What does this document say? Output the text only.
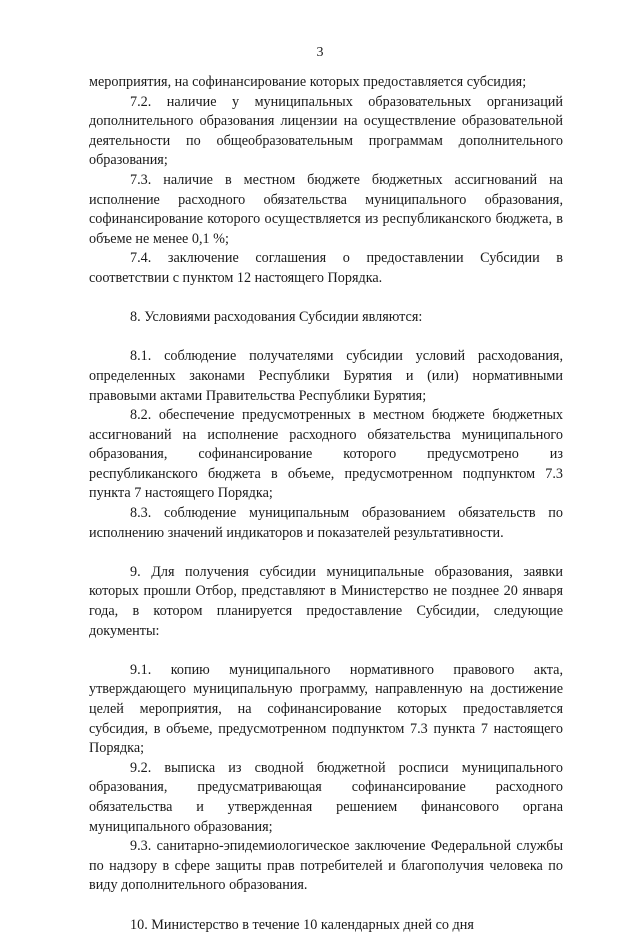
3

мероприятия, на софинансирование которых предоставляется субсидия;

7.2. наличие у муниципальных образовательных организаций дополнительного образования лицензии на осуществление образовательной деятельности по общеобразовательным программам дополнительного образования;

7.3. наличие в местном бюджете бюджетных ассигнований на исполнение расходного обязательства муниципального образования, софинансирование которого осуществляется из республиканского бюджета, в объеме не менее 0,1 %;

7.4. заключение соглашения о предоставлении Субсидии в соответствии с пунктом 12 настоящего Порядка.

8. Условиями расходования Субсидии являются:

8.1. соблюдение получателями субсидии условий расходования, определенных законами Республики Бурятия и (или) нормативными правовыми актами Правительства Республики Бурятия;

8.2. обеспечение предусмотренных в местном бюджете бюджетных ассигнований на исполнение расходного обязательства муниципального образования, софинансирование которого предусмотрено из республиканского бюджета в объеме, предусмотренном подпунктом 7.3 пункта 7 настоящего Порядка;

8.3. соблюдение муниципальным образованием обязательств по исполнению значений индикаторов и показателей результативности.

9. Для получения субсидии муниципальные образования, заявки которых прошли Отбор, представляют в Министерство не позднее 20 января года, в котором планируется предоставление Субсидии, следующие документы:

9.1. копию муниципального нормативного правового акта, утверждающего муниципальную программу, направленную на достижение целей мероприятия, на софинансирование которых предоставляется субсидия, в объеме, предусмотренном подпунктом 7.3 пункта 7 настоящего Порядка;

9.2. выписка из сводной бюджетной росписи муниципального образования, предусматривающая софинансирование расходного обязательства и утвержденная решением финансового органа муниципального образования;

9.3. санитарно-эпидемиологическое заключение Федеральной службы по надзору в сфере защиты прав потребителей и благополучия человека по виду дополнительного образования.

10. Министерство в течение 10 календарных дней со дня
